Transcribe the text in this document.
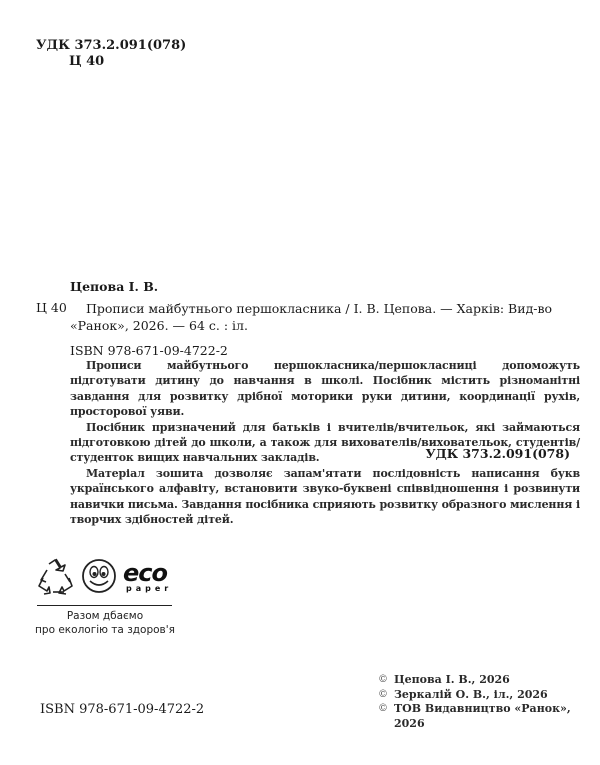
УДК 373.2.091(078)
Ц 40
Цепова І. В.
Ц 40	Прописи майбутнього першокласника / І. В. Цепова. — Харків: Вид-во
«Ранок», 2026. — 64 с. : іл.
ISBN 978-671-09-4722-2

Прописи майбутнього першокласника/першокласниці допоможуть підготувати дитину до навчання в школі. Посібник містить різноманітні завдання для розвитку дрібної моторики руки дитини, координації рухів, просторової уяви.

Посібник призначений для батьків і вчителів/вчительок, які займаються підготовкою дітей до школи, а також для вихователів/виховательок, студентів/студенток вищих навчальних закладів.

Матеріал зошита дозволяє запам'ятати послідовність написання букв українського алфавіту, встановити звуко-буквені співвідношення і розвинути навички письма. Завдання посібника сприяють розвитку образного мислення і творчих здібностей дітей.

УДК 373.2.091(078)
eco
paper
Разом дбаємо
про екологію та здоров'я
ISBN 978-671-09-4722-2
© Цепова І. В., 2026
© Зеркалій О. В., іл., 2026
© ТОВ Видавництво «Ранок», 2026
